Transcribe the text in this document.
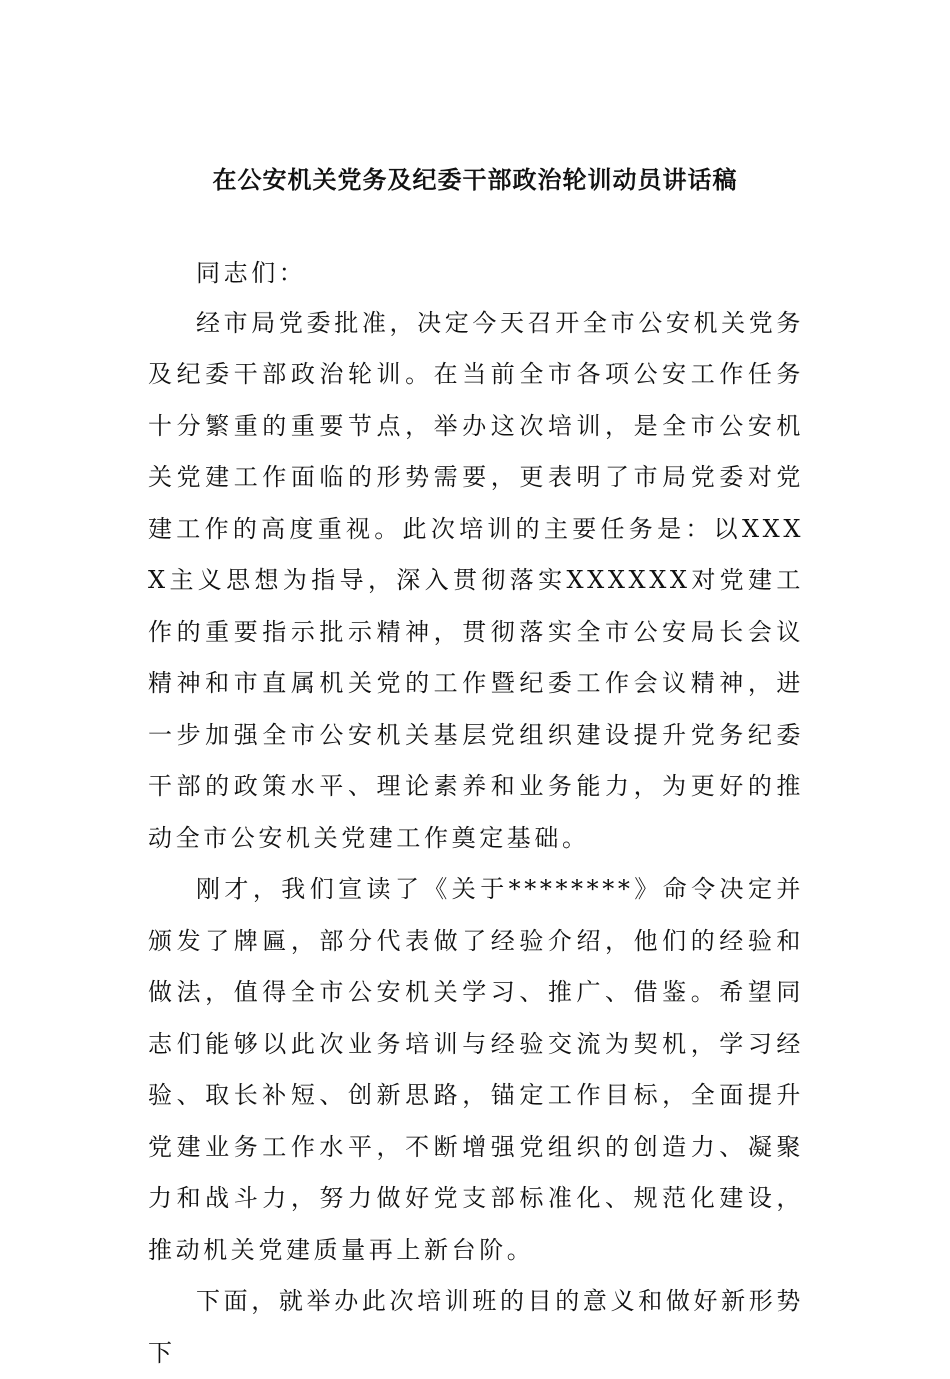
在公安机关党务及纪委干部政治轮训动员讲话稿

同志们：

经市局党委批准，决定今天召开全市公安机关党务及纪委干部政治轮训。在当前全市各项公安工作任务十分繁重的重要节点，举办这次培训，是全市公安机关党建工作面临的形势需要，更表明了市局党委对党建工作的高度重视。此次培训的主要任务是：以XXXX主义思想为指导，深入贯彻落实XXXXXX对党建工作的重要指示批示精神，贯彻落实全市公安局长会议精神和市直属机关党的工作暨纪委工作会议精神，进一步加强全市公安机关基层党组织建设提升党务纪委干部的政策水平、理论素养和业务能力，为更好的推动全市公安机关党建工作奠定基础。

刚才，我们宣读了《关于********》命令决定并颁发了牌匾，部分代表做了经验介绍，他们的经验和做法，值得全市公安机关学习、推广、借鉴。希望同志们能够以此次业务培训与经验交流为契机，学习经验、取长补短、创新思路，锚定工作目标，全面提升党建业务工作水平，不断增强党组织的创造力、凝聚力和战斗力，努力做好党支部标准化、规范化建设，推动机关党建质量再上新台阶。

下面，就举办此次培训班的目的意义和做好新形势下
